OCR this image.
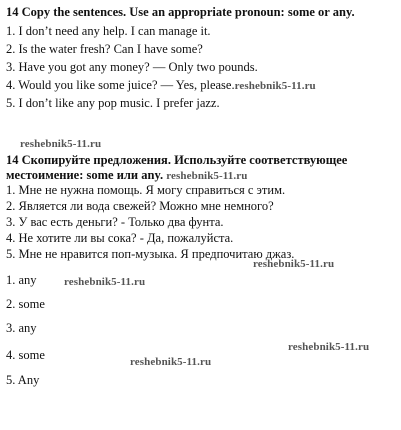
14 Copy the sentences. Use an appropriate pronoun: some or any.
1. I don’t need any help. I can manage it.
2. Is the water fresh? Can I have some?
3. Have you got any money? — Only two pounds.
4. Would you like some juice? — Yes, please.reshebnik5-11.ru
5. I don’t like any pop music. I prefer jazz.
reshebnik5-11.ru
14 Скопируйте предложения. Используйте соответствующее
местоимение: some или any. reshebnik5-11.ru
1. Мне не нужна помощь. Я могу справиться с этим.
2. Является ли вода свежей? Можно мне немного?
3. У вас есть деньги? - Только два фунта.
4. Не хотите ли вы сока? - Да, пожалуйста.
5. Мне не нравится поп-музыка. Я предпочитаю джаз.
reshebnik5-11.ru
1. any reshebnik5-11.ru
2. some
3. any
reshebnik5-11.ru
4. some	reshebnik5-11.ru
5. Any
